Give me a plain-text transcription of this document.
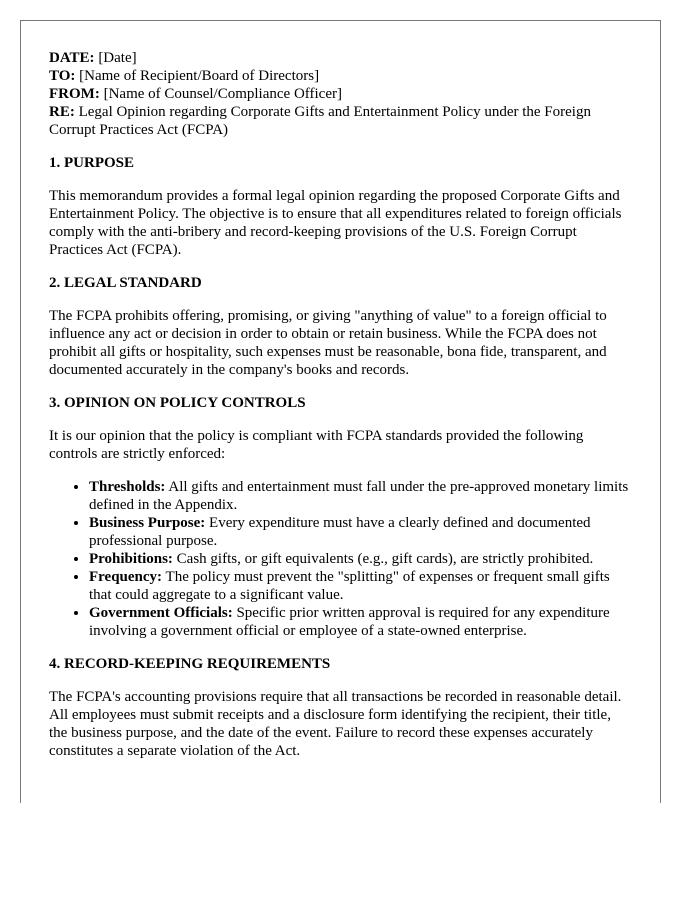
DATE: [Date]

TO: [Name of Recipient/Board of Directors]

FROM: [Name of Counsel/Compliance Officer]

RE: Legal Opinion regarding Corporate Gifts and Entertainment Policy under the Foreign Corrupt Practices Act (FCPA)

1. PURPOSE

This memorandum provides a formal legal opinion regarding the proposed Corporate Gifts and Entertainment Policy. The objective is to ensure that all expenditures related to foreign officials comply with the anti-bribery and record-keeping provisions of the U.S. Foreign Corrupt Practices Act (FCPA).

2. LEGAL STANDARD

The FCPA prohibits offering, promising, or giving "anything of value" to a foreign official to influence any act or decision in order to obtain or retain business. While the FCPA does not prohibit all gifts or hospitality, such expenses must be reasonable, bona fide, transparent, and documented accurately in the company's books and records.

3. OPINION ON POLICY CONTROLS

It is our opinion that the policy is compliant with FCPA standards provided the following controls are strictly enforced:

• Thresholds: All gifts and entertainment must fall under the pre-approved monetary limits defined in the Appendix.
• Business Purpose: Every expenditure must have a clearly defined and documented professional purpose.
• Prohibitions: Cash gifts, or gift equivalents (e.g., gift cards), are strictly prohibited.
• Frequency: The policy must prevent the "splitting" of expenses or frequent small gifts that could aggregate to a significant value.
• Government Officials: Specific prior written approval is required for any expenditure involving a government official or employee of a state-owned enterprise.
4. RECORD-KEEPING REQUIREMENTS

The FCPA's accounting provisions require that all transactions be recorded in reasonable detail. All employees must submit receipts and a disclosure form identifying the recipient, their title, the business purpose, and the date of the event. Failure to record these expenses accurately constitutes a separate violation of the Act.
